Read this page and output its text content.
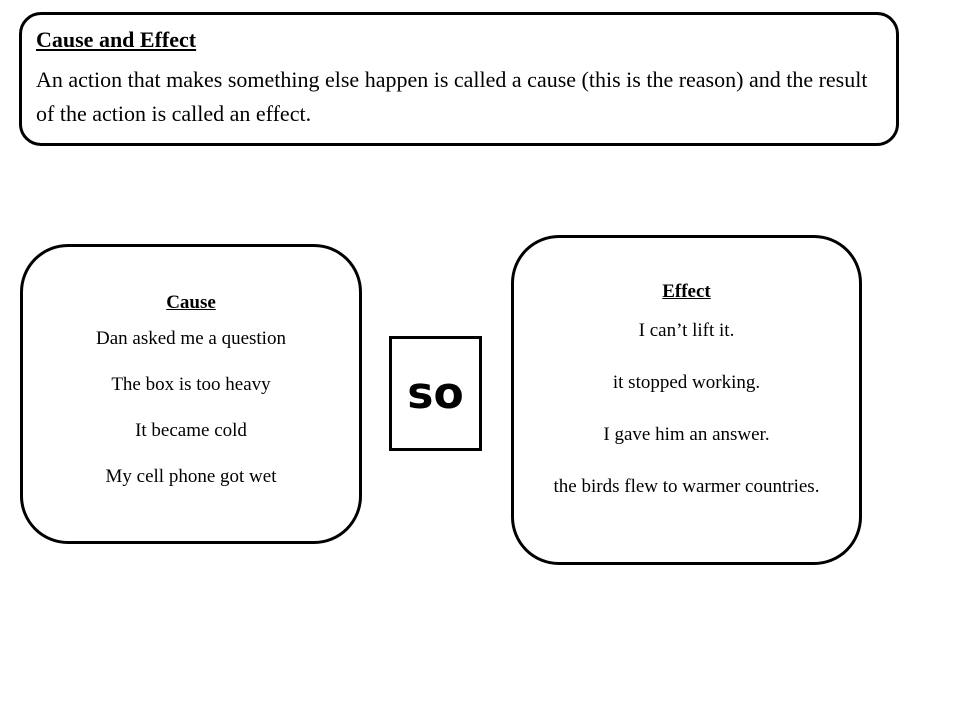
Cause and Effect

An action that makes something else happen is called a cause (this is the reason) and the result of the action is called an effect.

Cause

Dan asked me a question

The box is too heavy

It became cold

My cell phone got wet

so

Effect

I can’t lift it.

it stopped working.

I gave him an answer.

the birds flew to warmer countries.
